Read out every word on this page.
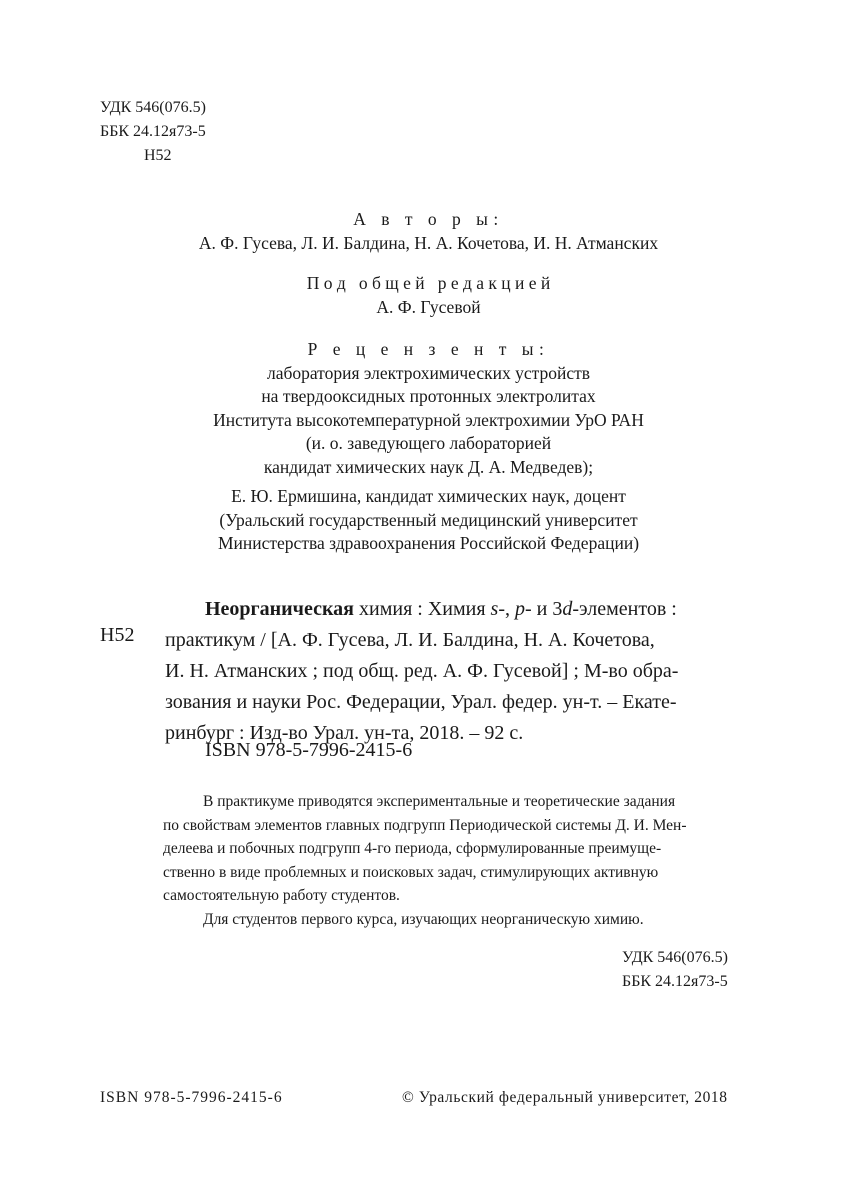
УДК 546(076.5)
ББК 24.12я73-5
Н52
А в т о р ы:
А. Ф. Гусева, Л. И. Балдина, Н. А. Кочетова, И. Н. Атманских
П о д   о б щ е й   р е д а к ц и е й
А. Ф. Гусевой
Р е ц е н з е н т ы:
лаборатория электрохимических устройств
на твердооксидных протонных электролитах
Института высокотемпературной электрохимии УрО РАН
(и. о. заведующего лабораторией
кандидат химических наук Д. А. Медведев);
Е. Ю. Ермишина, кандидат химических наук, доцент
(Уральский государственный медицинский университет
Министерства здравоохранения Российской Федерации)
Н52
Неорганическая химия : Химия s-, p- и 3d-элементов :
практикум / [А. Ф. Гусева, Л. И. Балдина, Н. А. Кочетова,
И. Н. Атманских ; под общ. ред. А. Ф. Гусевой] ; М-во обра-
зования и науки Рос. Федерации, Урал. федер. ун-т. – Екате-
ринбург : Изд-во Урал. ун-та, 2018. – 92 с.
ISBN 978-5-7996-2415-6
В практикуме приводятся экспериментальные и теоретические задания
по свойствам элементов главных подгрупп Периодической системы Д. И. Мен-
делеева и побочных подгрупп 4-го периода, сформулированные преимуще-
ственно в виде проблемных и поисковых задач, стимулирующих активную
самостоятельную работу студентов.
Для студентов первого курса, изучающих неорганическую химию.
УДК 546(076.5)
ББК 24.12я73-5
ISBN 978-5-7996-2415-6	© Уральский федеральный университет, 2018
